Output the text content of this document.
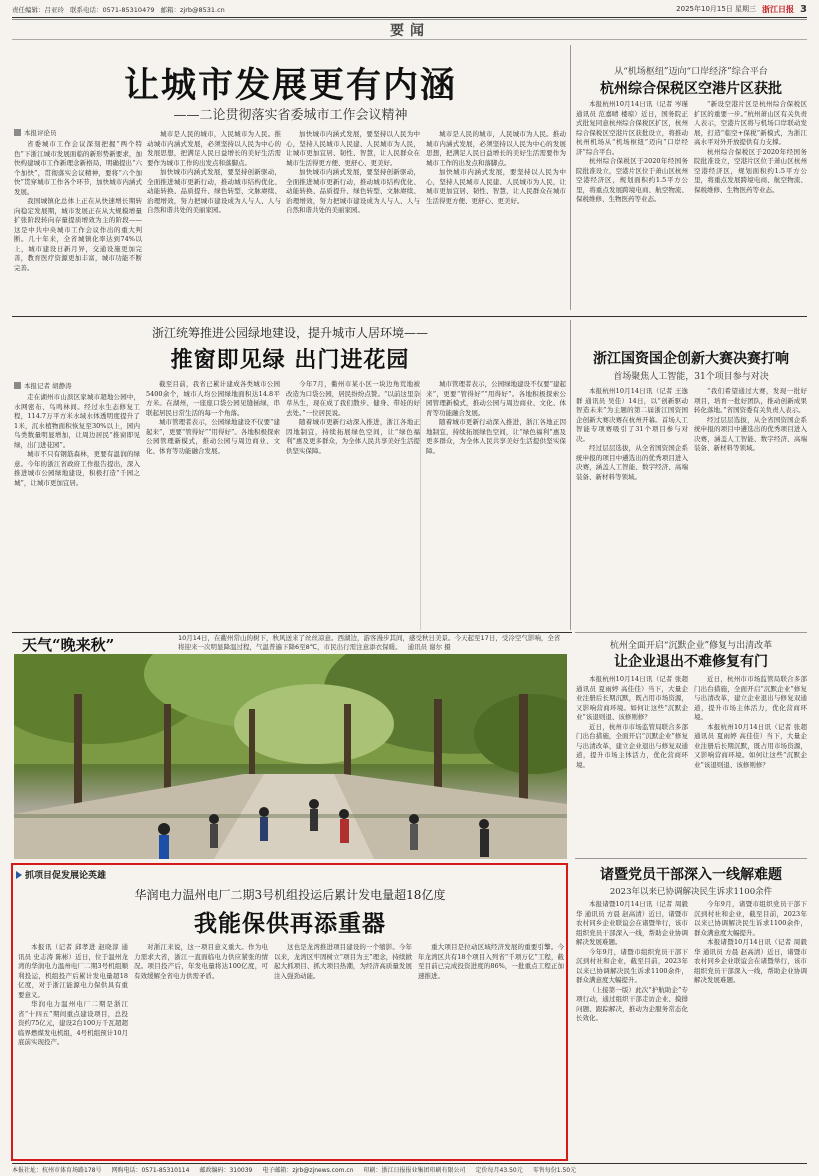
责任编辑：吕亚玲 联系电话：0571-85310479 邮箱：zjrb@8531.cn	2025年10月15日 星期三 浙江日报 3
要闻
让城市发展更有内涵
——二论贯彻落实省委城市工作会议精神
本报评论员

省委城市工作会议深刻把握“两个特色”下浙江城市发展面临的新形势新要求，加快构建城市工作新理念新格局，明确提出“六个加快”，贯彻落实会议精神，要将“六个加快”贯穿城市工作各个环节，加快城市内涵式发展。

我国城镇化总体上正在从快速增长期转向稳定发展期，城市发展正在从大规模增量扩张阶段转向存量提质增效为主的阶段——这是中共中央城市工作会议作出的重大判断。几十年来，全省城镇化率达到74%以上，城市建设日新月异，交通设施更加完善，教育医疗资源更加丰富，城市功能不断完善。

城市是人民的城市，人民城市为人民。推动城市内涵式发展，必须坚持以人民为中心的发展思想，把满足人民日益增长的美好生活需要作为城市工作的出发点和落脚点。

加快城市内涵式发展，要坚持创新驱动，全面推进城市更新行动，推动城市结构优化、动能转换、品质提升、绿色转型、文脉赓续、治理增效，努力把城市建设成为人与人、人与自然和谐共处的美丽家园。

加快城市内涵式发展，要坚持以人民为中心，坚持人民城市人民建、人民城市为人民，让城市更加宜居、韧性、智慧，让人民群众在城市生活得更方便、更舒心、更美好。

加快城市内涵式发展，要坚持创新驱动，全面推进城市更新行动，推动城市结构优化、动能转换、品质提升、绿色转型、文脉赓续、治理增效，努力把城市建设成为人与人、人与自然和谐共处的美丽家园。

城市是人民的城市，人民城市为人民。推动城市内涵式发展，必须坚持以人民为中心的发展思想，把满足人民日益增长的美好生活需要作为城市工作的出发点和落脚点。

加快城市内涵式发展，要坚持以人民为中心，坚持人民城市人民建、人民城市为人民，让城市更加宜居、韧性、智慧，让人民群众在城市生活得更方便、更舒心、更美好。

从“机场枢纽”迈向“口岸经济”综合平台
杭州综合保税区空港片区获批

本报杭州10月14日讯（记者 岑瑾 通讯员 范嘉晴 楼琼）近日，国务院正式批复同意杭州综合保税区扩区，杭州综合保税区空港片区获批设立，将推动杭州机场从“机场枢纽”迈向“口岸经济”综合平台。

杭州综合保税区于2020年经国务院批准设立，空港片区位于萧山区杭州空港经济区，规划面积约1.5平方公里，将重点发展跨境电商、航空物流、保税维修、生物医药等业态。

“新设空港片区是杭州综合保税区扩区的重要一步。”杭州萧山区有关负责人表示，空港片区将与机场口岸联动发展，打造“临空+保税”新模式，为浙江高水平对外开放提供有力支撑。

杭州综合保税区于2020年经国务院批准设立，空港片区位于萧山区杭州空港经济区，规划面积约1.5平方公里，将重点发展跨境电商、航空物流、保税维修、生物医药等业态。

浙江统筹推进公园绿地建设，提升城市人居环境——
推窗即见绿 出门进花园
本报记者 胡静涛

走在湖州市山滨区家城市超地公园中，水网密布、鸟鸣林间。经过水生态修复工程，114.7万平方米水域水体透明度提升了1米，沉水植物面积恢复至30%以上，园内鸟类数量明显增加，让周边居民“推窗即见绿，出门进花园”。

城市不只有钢筋森林，更要有温润的绿意。今年的浙江省政府工作报告提出，深入推进城市公园绿地建设，积极打造“千园之城”，让城市更加宜居。

截至目前，我省已累计建成各类城市公园5400余个，城市人均公园绿地面积达14.8平方米。在湖州，一座座口袋公园见缝插绿，串联起居民日常生活的每一个角落。

城市管理者表示，公园绿地建设不仅要“建起来”，更要“管得好”“用得好”。各地积极探索公园管理新模式，推动公园与周边商业、文化、体育等功能融合发展。

今年7月，衢州市某小区一块边角荒地被改造为口袋公园，居民纷纷点赞。“以前这里杂草丛生，现在成了我们散步、健身、带娃的好去处。”一位居民说。

随着城市更新行动深入推进，浙江各地正因地制宜，持续拓展绿色空间，让“绿色福利”惠及更多群众，为全体人民共享美好生活提供坚实保障。

城市管理者表示，公园绿地建设不仅要“建起来”，更要“管得好”“用得好”。各地积极探索公园管理新模式，推动公园与周边商业、文化、体育等功能融合发展。

随着城市更新行动深入推进，浙江各地正因地制宜，持续拓展绿色空间，让“绿色福利”惠及更多群众，为全体人民共享美好生活提供坚实保障。

浙江国资国企创新大赛决赛打响
首场聚焦人工智能，31个项目参与对决

本报杭州10月14日讯（记者 王逸群 通讯员 吴佳）14日，以“创新驱动 智造未来”为主题的第二届浙江国资国企创新大赛决赛在杭州开幕。首场人工智能专项赛吸引了31个项目参与对决。

经过层层选拔，从全省国资国企系统申报的项目中遴选出的优秀项目进入决赛，涵盖人工智能、数字经济、高端装备、新材料等领域。

“我们希望通过大赛，发现一批好项目，培育一批好团队，推动创新成果转化落地。”省国资委有关负责人表示。

经过层层选拔，从全省国资国企系统申报的项目中遴选出的优秀项目进入决赛，涵盖人工智能、数字经济、高端装备、新材料等领域。

天气“晚来秋”	10月14日，在衢州常山的树下，秋风送来了丝丝凉意。西湖边，游客漫步其间，感受秋日美景。今天起至17日，受冷空气影响，全省将迎来一次明显降温过程，气温普遍下降6至8℃，市民出行需注意添衣保暖。 通讯员 谢尔 摄	杭州全面开启“沉默企业”修复与出清改革
让企业退出不难修复有门

本报杭州10月14日讯（记者 张超 通讯员 夏雨婷 高佳佳）当下，大量企业注册后长期沉默，既占用市场资源，又影响营商环境。如何让这些“沉默企业”该退则退、该修则修？

近日，杭州市市场监管局联合多部门出台措施，全面开启“沉默企业”修复与出清改革，建立企业退出与修复双通道，提升市场主体活力，优化营商环境。

近日，杭州市市场监管局联合多部门出台措施，全面开启“沉默企业”修复与出清改革，建立企业退出与修复双通道，提升市场主体活力，优化营商环境。

本报杭州10月14日讯（记者 张超 通讯员 夏雨婷 高佳佳）当下，大量企业注册后长期沉默，既占用市场资源，又影响营商环境。如何让这些“沉默企业”该退则退、该修则修？

诸暨党员干部深入一线解难题
2023年以来已协调解决民生诉求1100余件

本报诸暨10月14日讯（记者 周毅华 通讯员 方晨 赵高清）近日，诸暨市农村同乡企业联谊会在诸暨举行，该市组织党员干部深入一线，帮助企业协调解决发展难题。

今年9月，诸暨市组织党员干部下沉到村社和企业，截至目前，2023年以来已协调解决民生诉求1100余件，群众满意度大幅提升。

（上接第一版）此次“护航助企”专项行动，通过组织干部走访企业、摸排问题、跟踪解决，推动为企服务常态化长效化。

今年9月，诸暨市组织党员干部下沉到村社和企业，截至目前，2023年以来已协调解决民生诉求1100余件，群众满意度大幅提升。

本报诸暨10月14日讯（记者 周毅华 通讯员 方晨 赵高清）近日，诸暨市农村同乡企业联谊会在诸暨举行，该市组织党员干部深入一线，帮助企业协调解决发展难题。

抓项目促发展论英雄
华润电力温州电厂二期3号机组投运后累计发电量超18亿度
我能保供再添重器

本报讯（记者 邱孝进 赵晓淳 通讯员 史志涛 陈彬）近日，位于温州龙湾的华润电力温州电厂二期3号机组顺利投运，机组投产后累计发电量超18亿度，对于浙江能源电力保供具有重要意义。

华润电力温州电厂二期是浙江省“十四五”期间重点建设项目，总投资约75亿元，建设2台100万千瓦超超临界燃煤发电机组，4号机组预计10月底前实现投产。

对浙江来说，这一项目意义重大。作为电力需求大省，浙江一直面临电力供应紧张的情况。项目投产后，年发电量将达100亿度，可有效缓解全省电力供需矛盾。

这也是龙湾推进项目建设的一个缩影。今年以来，龙湾区牢固树立“项目为王”理念，持续掀起大抓项目、抓大项目热潮，为经济高质量发展注入强劲动能。

重大项目是拉动区域经济发展的重要引擎。今年龙湾区共有18个项目入列省“千项万亿”工程，截至目前已完成投资进度的86%，一批重点工程正加速推进。

本报社址：杭州市体育场路178号 网购电话：0571-85310114 邮政编码：310039 电子邮箱：zjrb@zjnews.com.cn 印刷：浙江日报报业集团印刷有限公司 定价每月43.50元 零售每份1.50元
